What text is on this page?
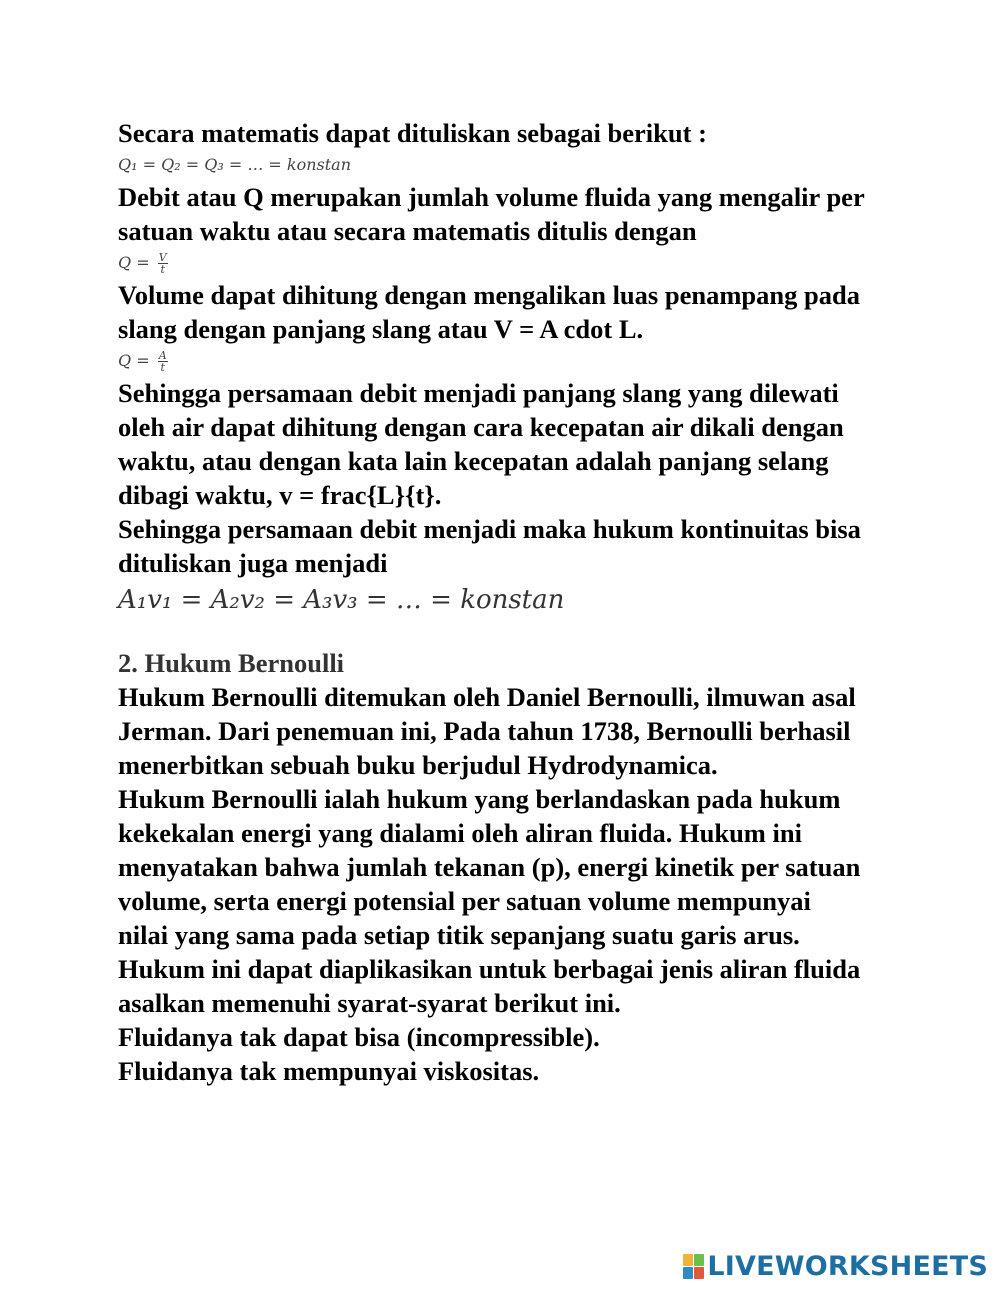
Secara matematis dapat dituliskan sebagai berikut :

Q₁ = Q₂ = Q₃ = … = konstan

Debit atau Q merupakan jumlah volume fluida yang mengalir per

satuan waktu atau secara matematis ditulis dengan

$Q = \frac{V}{t}$

Volume dapat dihitung dengan mengalikan luas penampang pada

slang dengan panjang slang atau V = A cdot L.

$Q = \frac{A}{t}$

Sehingga persamaan debit menjadi panjang slang yang dilewati

oleh air dapat dihitung dengan cara kecepatan air dikali dengan

waktu, atau dengan kata lain kecepatan adalah panjang selang

dibagi waktu, v = frac{L}{t}.

Sehingga persamaan debit menjadi maka hukum kontinuitas bisa

dituliskan juga menjadi

A₁v₁ = A₂v₂ = A₃v₃ = … = konstan

2. Hukum Bernoulli

Hukum Bernoulli ditemukan oleh Daniel Bernoulli, ilmuwan asal

Jerman. Dari penemuan ini, Pada tahun 1738, Bernoulli berhasil

menerbitkan sebuah buku berjudul Hydrodynamica.

Hukum Bernoulli ialah hukum yang berlandaskan pada hukum

kekekalan energi yang dialami oleh aliran fluida. Hukum ini

menyatakan bahwa jumlah tekanan (p), energi kinetik per satuan

volume, serta energi potensial per satuan volume mempunyai

nilai yang sama pada setiap titik sepanjang suatu garis arus.

Hukum ini dapat diaplikasikan untuk berbagai jenis aliran fluida

asalkan memenuhi syarat-syarat berikut ini.

Fluidanya tak dapat bisa (incompressible).

Fluidanya tak mempunyai viskositas.

LIVEWORKSHEETS
